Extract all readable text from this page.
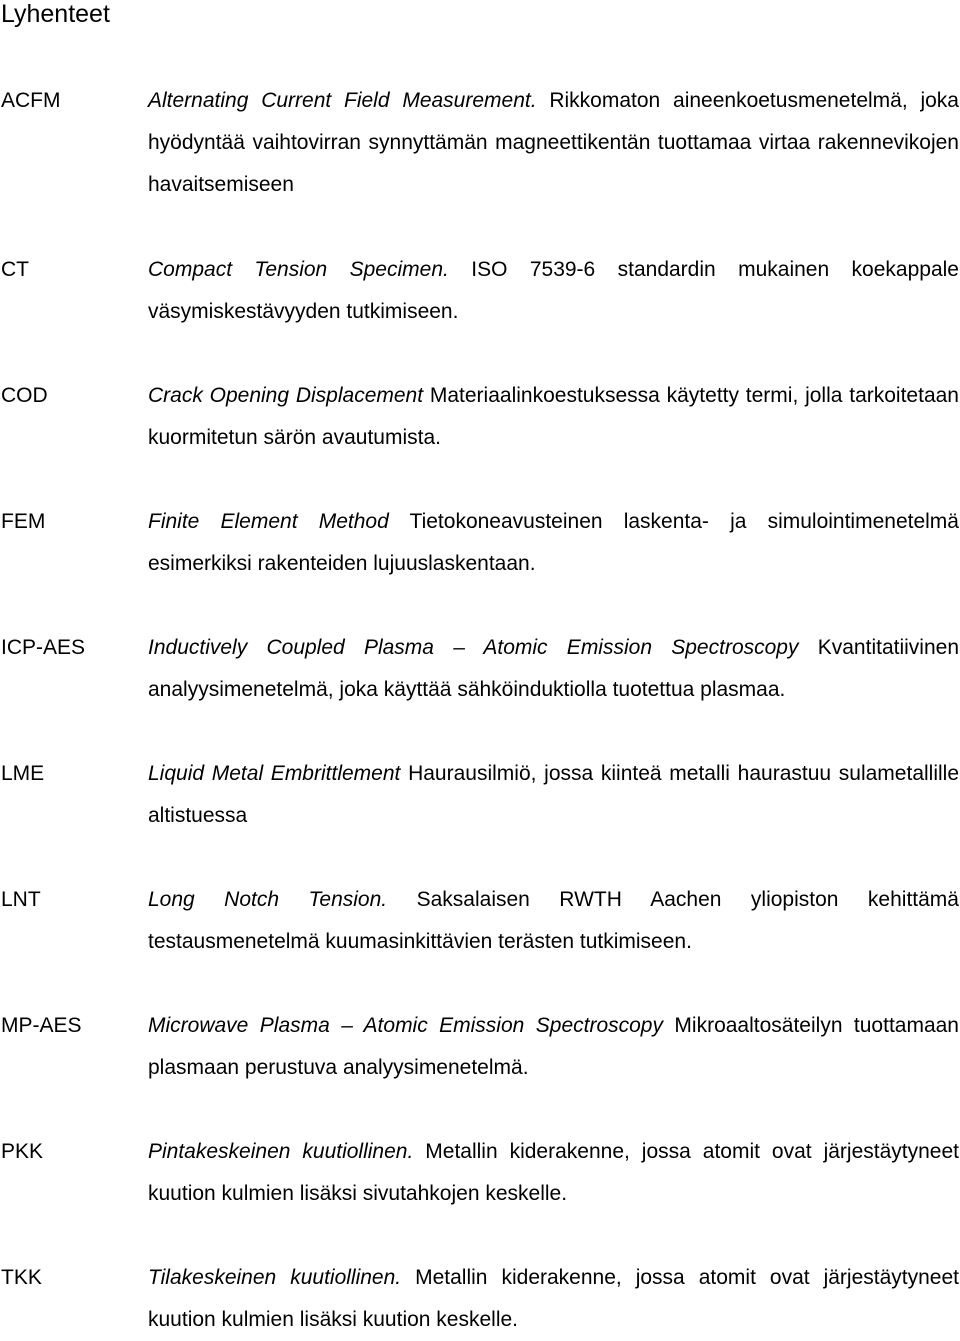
Lyhenteet
ACFM	Alternating Current Field Measurement. Rikkomaton aineenkoetusmenetelmä, joka hyödyntää vaihtovirran synnyttämän magneettikentän tuottamaa virtaa rakennevikojen havaitsemiseen
CT	Compact Tension Specimen. ISO 7539-6 standardin mukainen koekappale väsymiskestävyyden tutkimiseen.
COD	Crack Opening Displacement Materiaalinkoestuksessa käytetty termi, jolla tarkoitetaan kuormitetun särön avautumista.
FEM	Finite Element Method Tietokoneavusteinen laskenta- ja simulointimenetelmä esimerkiksi rakenteiden lujuuslaskentaan.
ICP-AES	Inductively Coupled Plasma – Atomic Emission Spectroscopy Kvantitatiivinen analyysimenetelmä, joka käyttää sähköinduktiolla tuotettua plasmaa.
LME	Liquid Metal Embrittlement Haurausilmiö, jossa kiinteä metalli haurastuu sulametallille altistuessa
LNT	Long Notch Tension. Saksalaisen RWTH Aachen yliopiston kehittämä testausmenetelmä kuumasinkittävien terästen tutkimiseen.
MP-AES	Microwave Plasma – Atomic Emission Spectroscopy Mikroaaltosäteilyn tuottamaan plasmaan perustuva analyysimenetelmä.
PKK	Pintakeskeinen kuutiollinen. Metallin kiderakenne, jossa atomit ovat järjestäytyneet kuution kulmien lisäksi sivutahkojen keskelle.
TKK	Tilakeskeinen kuutiollinen. Metallin kiderakenne, jossa atomit ovat järjestäytyneet kuution kulmien lisäksi kuution keskelle.
